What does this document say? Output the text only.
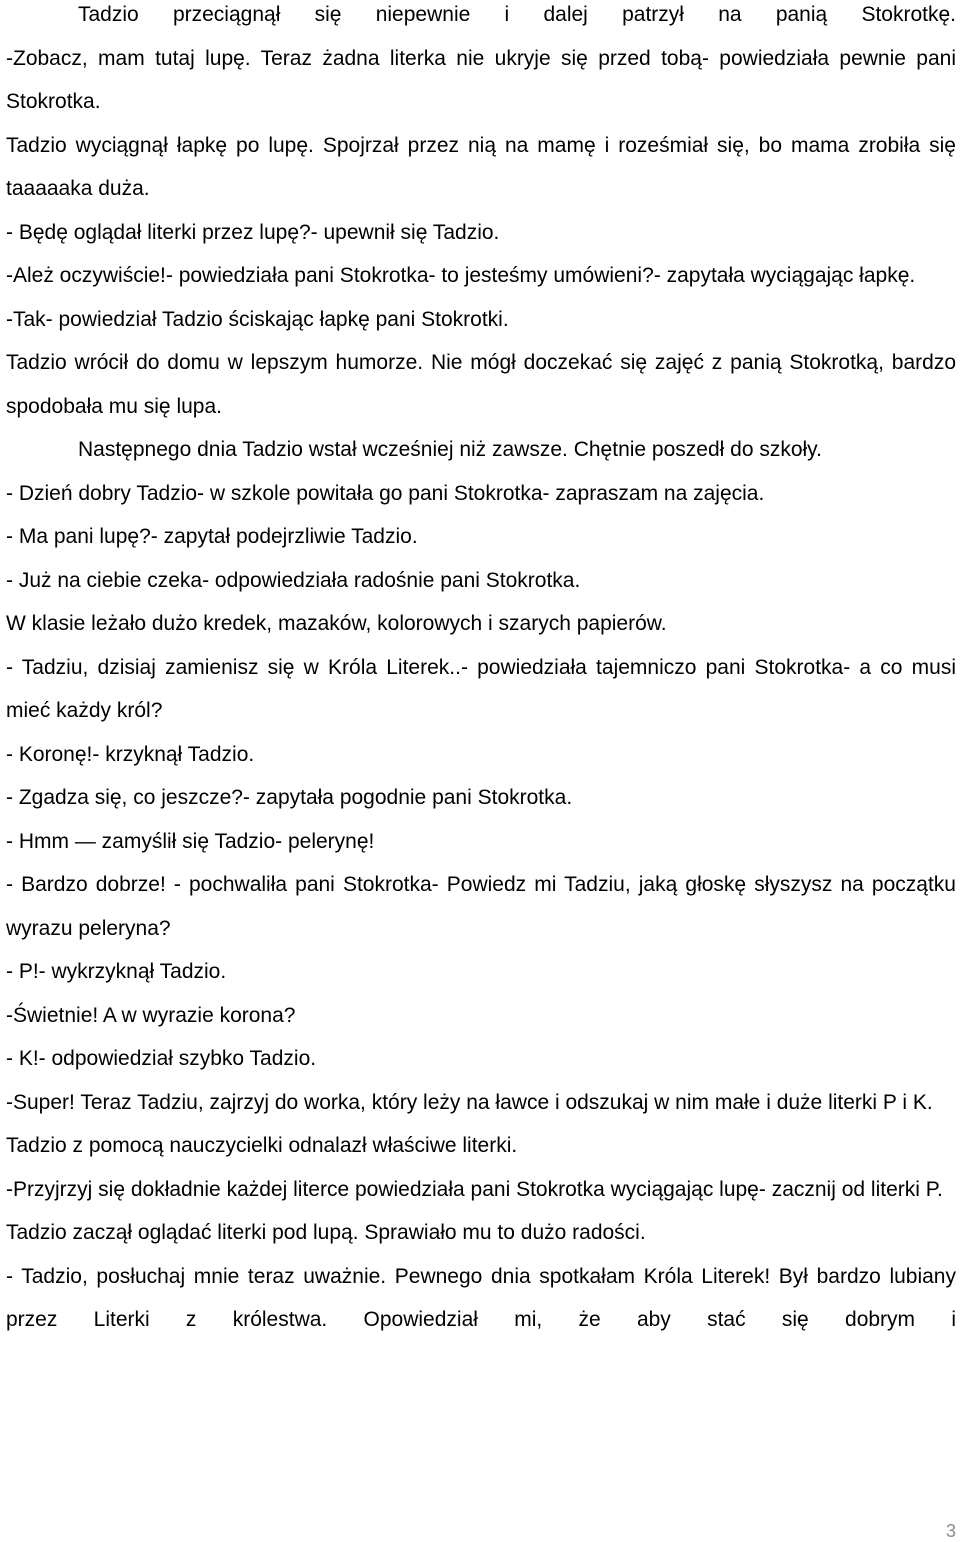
Tadzio przeciągnął się niepewnie i dalej patrzył na panią Stokrotkę.

-Zobacz, mam tutaj lupę. Teraz żadna literka nie ukryje się przed tobą- powiedziała pewnie pani Stokrotka.

Tadzio wyciągnął łapkę po lupę. Spojrzał przez nią na mamę i roześmiał się, bo mama zrobiła się taaaaaka duża.

- Będę oglądał literki przez lupę?- upewnił się Tadzio.

-Ależ oczywiście!- powiedziała pani Stokrotka- to jesteśmy umówieni?- zapytała wyciągając łapkę.

-Tak- powiedział Tadzio ściskając łapkę pani Stokrotki.

Tadzio wrócił do domu w lepszym humorze. Nie mógł doczekać się zajęć z panią Stokrotką, bardzo spodobała mu się lupa.

Następnego dnia Tadzio wstał wcześniej niż zawsze. Chętnie poszedł do szkoły.

- Dzień dobry Tadzio- w szkole powitała go pani Stokrotka- zapraszam na zajęcia.

- Ma pani lupę?- zapytał podejrzliwie Tadzio.

- Już na ciebie czeka- odpowiedziała radośnie pani Stokrotka.

W klasie leżało dużo kredek, mazaków, kolorowych i szarych papierów.

- Tadziu, dzisiaj zamienisz się w Króla Literek..- powiedziała tajemniczo pani Stokrotka- a co musi mieć każdy król?

- Koronę!- krzyknął Tadzio.

- Zgadza się, co jeszcze?- zapytała pogodnie pani Stokrotka.

- Hmm — zamyślił się Tadzio- pelerynę!

- Bardzo dobrze! - pochwaliła pani Stokrotka- Powiedz mi Tadziu, jaką głoskę słyszysz na początku wyrazu peleryna?

- P!- wykrzyknął Tadzio.

-Świetnie! A w wyrazie korona?

- K!- odpowiedział szybko Tadzio.

-Super! Teraz Tadziu, zajrzyj do worka, który leży na ławce i odszukaj w nim małe i duże literki P i K.

Tadzio z pomocą nauczycielki odnalazł właściwe literki.

-Przyjrzyj się dokładnie każdej literce powiedziała pani Stokrotka wyciągając lupę- zacznij od literki P.

Tadzio zaczął oglądać literki pod lupą. Sprawiało mu to dużo radości.

- Tadzio, posłuchaj mnie teraz uważnie. Pewnego dnia spotkałam Króla Literek! Był bardzo lubiany przez Literki z królestwa. Opowiedział mi, że aby stać się dobrym i

3
